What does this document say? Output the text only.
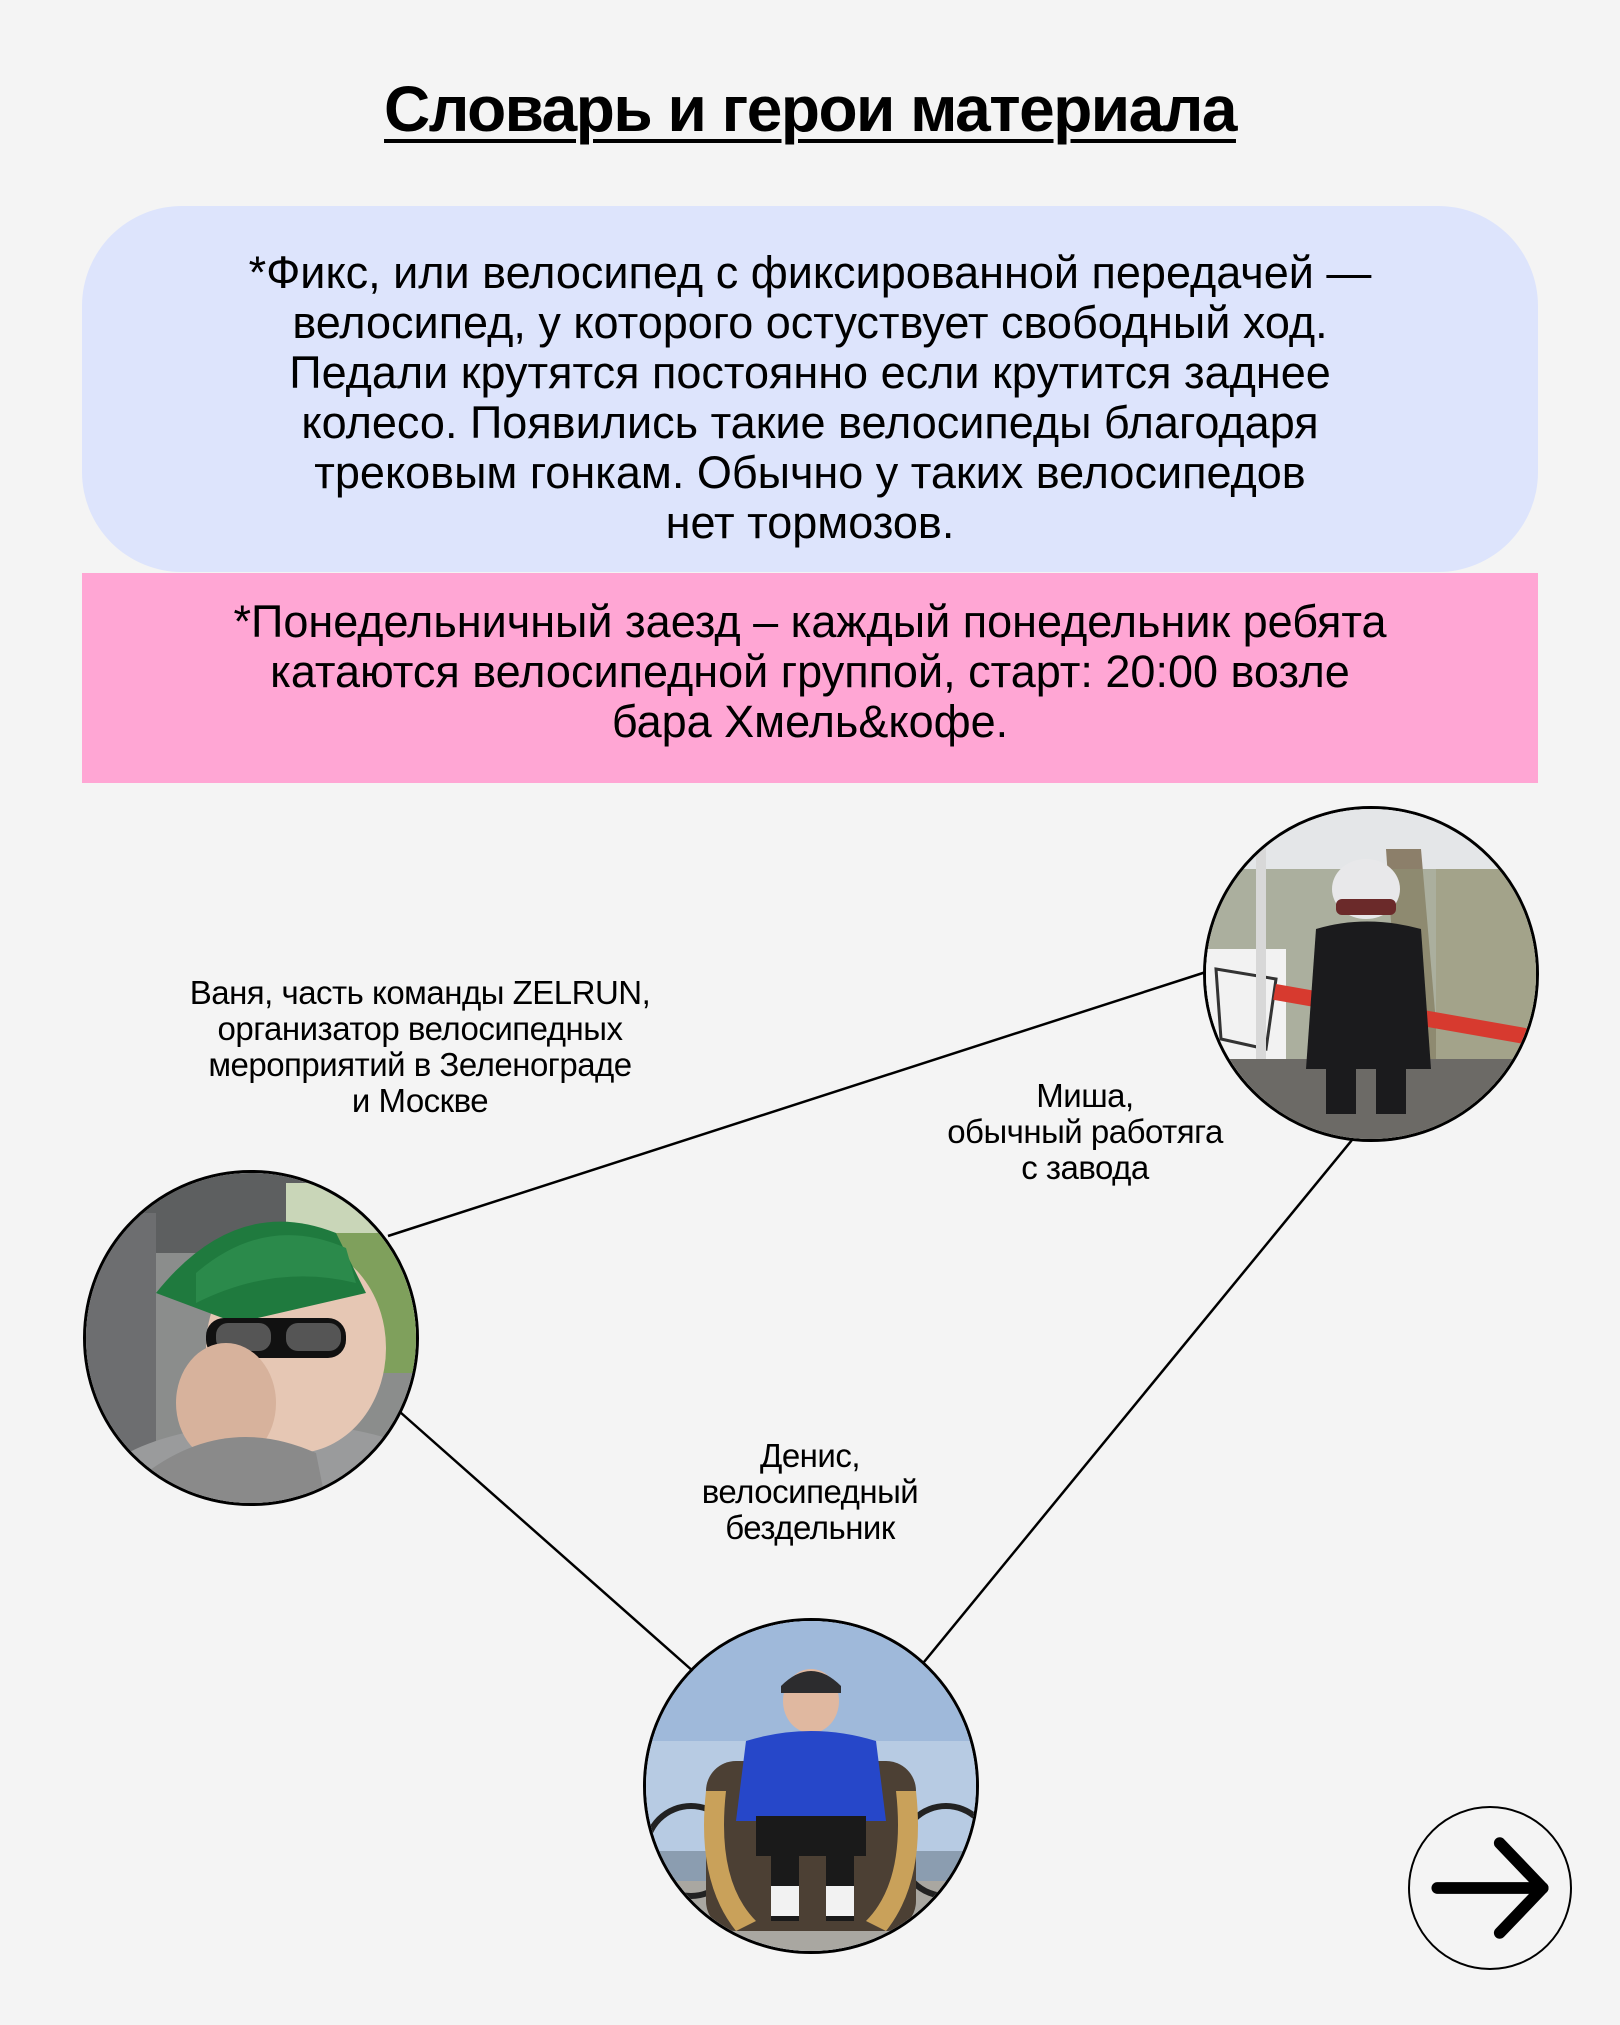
Словарь и герои материала
*Фикс, или велосипед с фиксированной передачей —
велосипед, у которого остуствует свободный ход.
Педали крутятся постоянно если крутится заднее
колесо. Появились такие велосипеды благодаря
трековым гонкам. Обычно у таких велосипедов
нет тормозов.
*Понедельничный заезд – каждый понедельник ребята
катаются велосипедной группой, старт: 20:00 возле
бара Хмель&кофе.
Ваня, часть команды ZELRUN,
организатор велосипедных
мероприятий в Зеленограде
и Москве	Миша,
обычный работяга
с завода
Денис,
велосипедный
бездельник
